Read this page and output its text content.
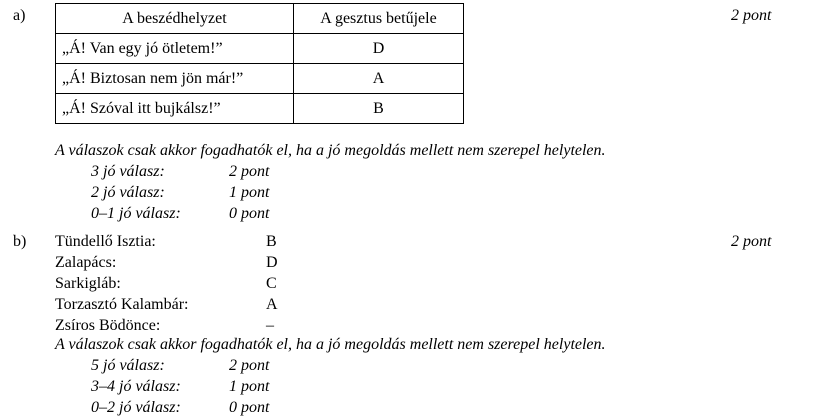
a)	2 pont
A beszédhelyzet	A gesztus betűjele
„Á! Van egy jó ötletem!”	D
„Á! Biztosan nem jön már!”	A
„Á! Szóval itt bujkálsz!”	B
A válaszok csak akkor fogadhatók el, ha a jó megoldás mellett nem szerepel helytelen.
3 jó válasz:	2 pont
2 jó válasz:	1 pont
0–1 jó válasz:	0 pont
b)	2 pont
Tündellő Isztia:	B
Zalapács:	D
Sarkigláb:	C
Torzasztó Kalambár:	A
Zsíros Bödönce:	–
A válaszok csak akkor fogadhatók el, ha a jó megoldás mellett nem szerepel helytelen.
5 jó válasz:	2 pont
3–4 jó válasz:	1 pont
0–2 jó válasz:	0 pont
